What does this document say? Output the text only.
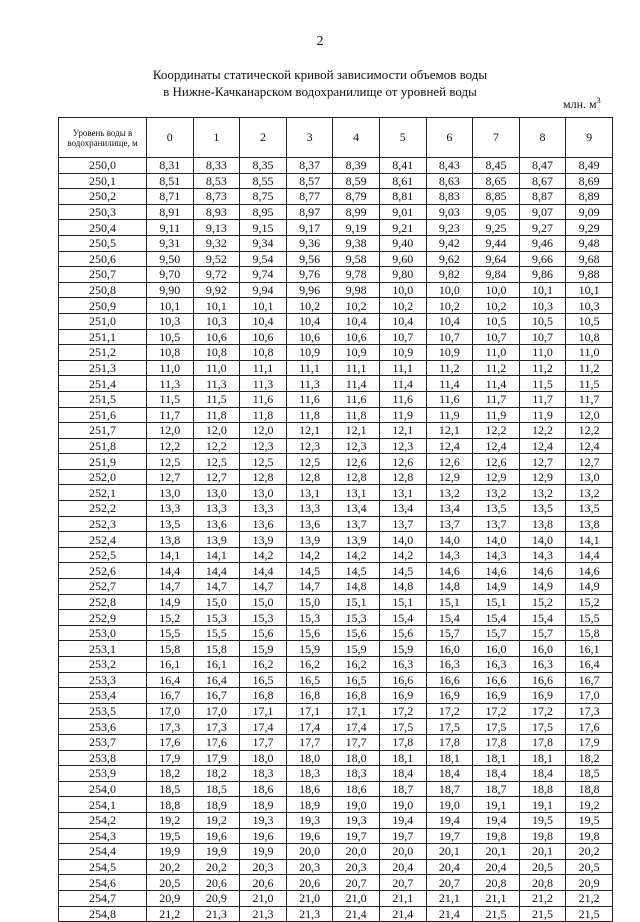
2
Координаты статической кривой зависимости объемов воды
в Нижне-Качканарском водохранилище от уровней воды
млн. $м^3$
Уровень воды в водохранилище, м	0	1	2	3	4	5	6	7	8	9
250,0	8,31	8,33	8,35	8,37	8,39	8,41	8,43	8,45	8,47	8,49
250,1	8,51	8,53	8,55	8,57	8,59	8,61	8,63	8,65	8,67	8,69
250,2	8,71	8,73	8,75	8,77	8,79	8,81	8,83	8,85	8,87	8,89
250,3	8,91	8,93	8,95	8,97	8,99	9,01	9,03	9,05	9,07	9,09
250,4	9,11	9,13	9,15	9,17	9,19	9,21	9,23	9,25	9,27	9,29
250,5	9,31	9,32	9,34	9,36	9,38	9,40	9,42	9,44	9,46	9,48
250,6	9,50	9,52	9,54	9,56	9,58	9,60	9,62	9,64	9,66	9,68
250,7	9,70	9,72	9,74	9,76	9,78	9,80	9,82	9,84	9,86	9,88
250,8	9,90	9,92	9,94	9,96	9,98	10,0	10,0	10,0	10,1	10,1
250,9	10,1	10,1	10,1	10,2	10,2	10,2	10,2	10,2	10,3	10,3
251,0	10,3	10,3	10,4	10,4	10,4	10,4	10,4	10,5	10,5	10,5
251,1	10,5	10,6	10,6	10,6	10,6	10,7	10,7	10,7	10,7	10,8
251,2	10,8	10,8	10,8	10,9	10,9	10,9	10,9	11,0	11,0	11,0
251,3	11,0	11,0	11,1	11,1	11,1	11,1	11,2	11,2	11,2	11,2
251,4	11,3	11,3	11,3	11,3	11,4	11,4	11,4	11,4	11,5	11,5
251,5	11,5	11,5	11,6	11,6	11,6	11,6	11,6	11,7	11,7	11,7
251,6	11,7	11,8	11,8	11,8	11,8	11,9	11,9	11,9	11,9	12,0
251,7	12,0	12,0	12,0	12,1	12,1	12,1	12,1	12,2	12,2	12,2
251,8	12,2	12,2	12,3	12,3	12,3	12,3	12,4	12,4	12,4	12,4
251,9	12,5	12,5	12,5	12,5	12,6	12,6	12,6	12,6	12,7	12,7
252,0	12,7	12,7	12,8	12,8	12,8	12,8	12,9	12,9	12,9	13,0
252,1	13,0	13,0	13,0	13,1	13,1	13,1	13,2	13,2	13,2	13,2
252,2	13,3	13,3	13,3	13,3	13,4	13,4	13,4	13,5	13,5	13,5
252,3	13,5	13,6	13,6	13,6	13,7	13,7	13,7	13,7	13,8	13,8
252,4	13,8	13,9	13,9	13,9	13,9	14,0	14,0	14,0	14,0	14,1
252,5	14,1	14,1	14,2	14,2	14,2	14,2	14,3	14,3	14,3	14,4
252,6	14,4	14,4	14,4	14,5	14,5	14,5	14,6	14,6	14,6	14,6
252,7	14,7	14,7	14,7	14,7	14,8	14,8	14,8	14,9	14,9	14,9
252,8	14,9	15,0	15,0	15,0	15,1	15,1	15,1	15,1	15,2	15,2
252,9	15,2	15,3	15,3	15,3	15,3	15,4	15,4	15,4	15,4	15,5
253,0	15,5	15,5	15,6	15,6	15,6	15,6	15,7	15,7	15,7	15,8
253,1	15,8	15,8	15,9	15,9	15,9	15,9	16,0	16,0	16,0	16,1
253,2	16,1	16,1	16,2	16,2	16,2	16,3	16,3	16,3	16,3	16,4
253,3	16,4	16,4	16,5	16,5	16,5	16,6	16,6	16,6	16,6	16,7
253,4	16,7	16,7	16,8	16,8	16,8	16,9	16,9	16,9	16,9	17,0
253,5	17,0	17,0	17,1	17,1	17,1	17,2	17,2	17,2	17,2	17,3
253,6	17,3	17,3	17,4	17,4	17,4	17,5	17,5	17,5	17,5	17,6
253,7	17,6	17,6	17,7	17,7	17,7	17,8	17,8	17,8	17,8	17,9
253,8	17,9	17,9	18,0	18,0	18,0	18,1	18,1	18,1	18,1	18,2
253,9	18,2	18,2	18,3	18,3	18,3	18,4	18,4	18,4	18,4	18,5
254,0	18,5	18,5	18,6	18,6	18,6	18,7	18,7	18,7	18,8	18,8
254,1	18,8	18,9	18,9	18,9	19,0	19,0	19,0	19,1	19,1	19,2
254,2	19,2	19,2	19,3	19,3	19,3	19,4	19,4	19,4	19,5	19,5
254,3	19,5	19,6	19,6	19,6	19,7	19,7	19,7	19,8	19,8	19,8
254,4	19,9	19,9	19,9	20,0	20,0	20,0	20,1	20,1	20,1	20,2
254,5	20,2	20,2	20,3	20,3	20,3	20,4	20,4	20,4	20,5	20,5
254,6	20,5	20,6	20,6	20,6	20,7	20,7	20,7	20,8	20,8	20,9
254,7	20,9	20,9	21,0	21,0	21,0	21,1	21,1	21,1	21,2	21,2
254,8	21,2	21,3	21,3	21,3	21,4	21,4	21,4	21,5	21,5	21,5
